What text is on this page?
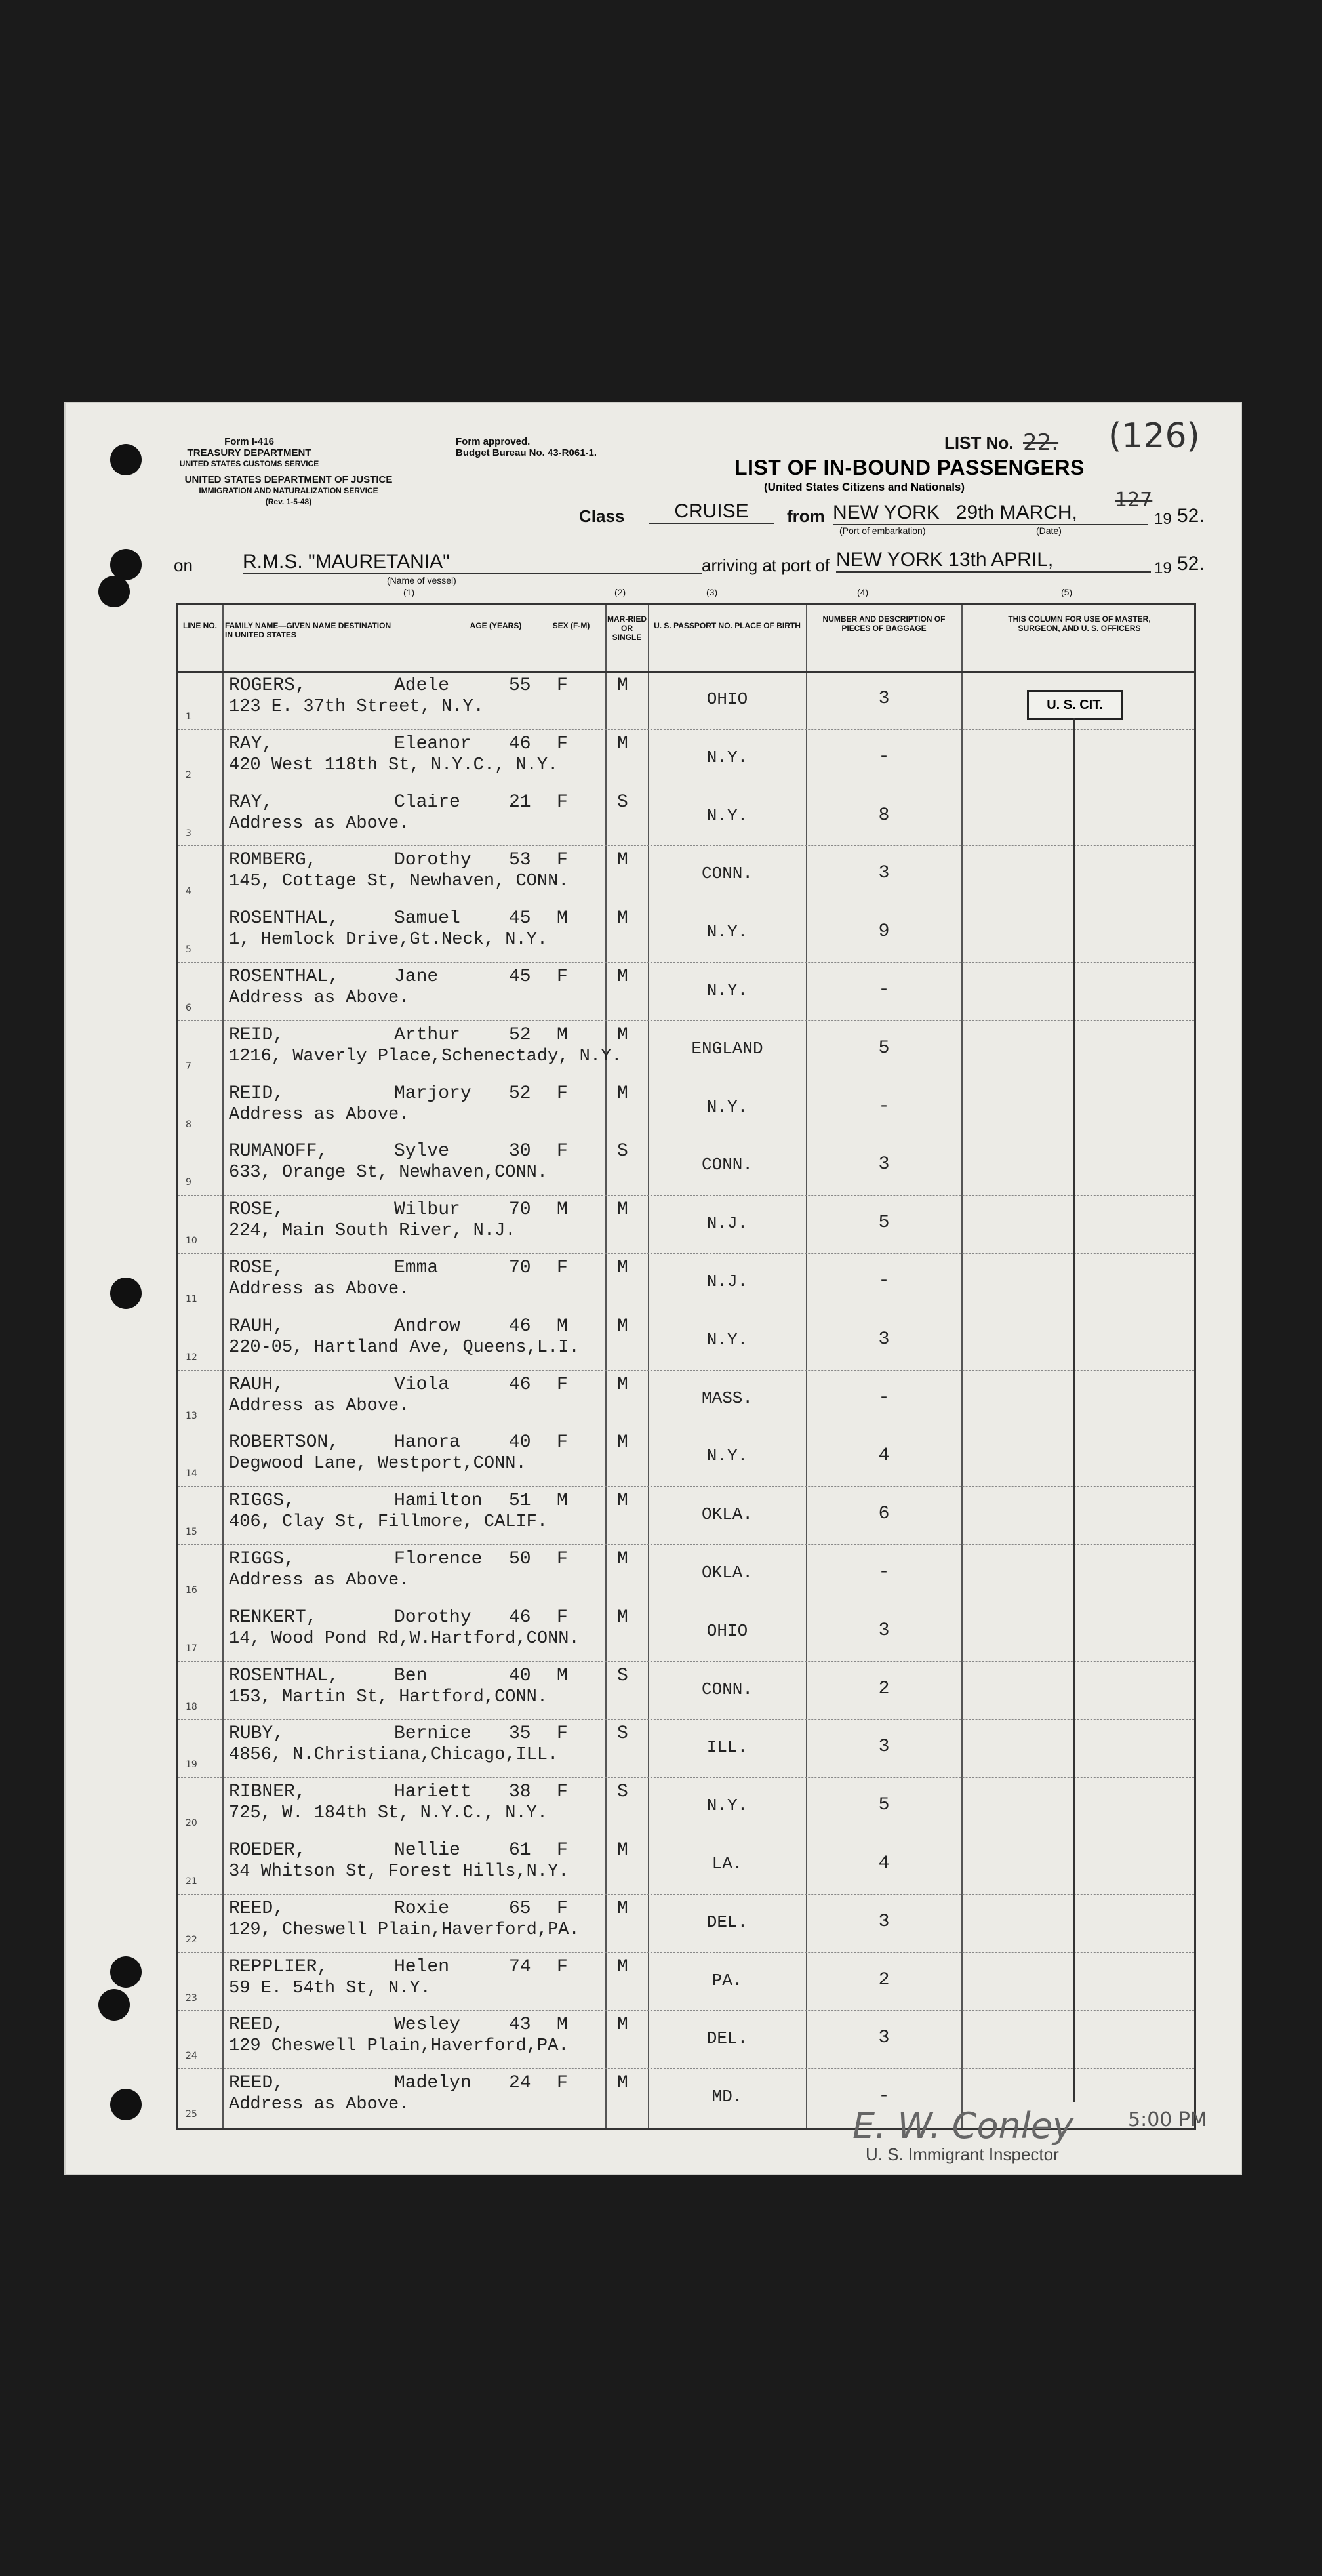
Form I-416
TREASURY DEPARTMENT
UNITED STATES CUSTOMS SERVICE
Form approved.
Budget Bureau No. 43-R061-1.
UNITED STATES DEPARTMENT OF JUSTICE
IMMIGRATION AND NATURALIZATION SERVICE
(Rev. 1-5-48)
LIST No. 22. (126)
LIST OF IN-BOUND PASSENGERS
(United States Citizens and Nationals)
Class	CRUISE	from NEW YORK   29th MARCH,
(Port of embarkation)	(Date)
127
19 52.
on	R.M.S. "MAURETANIA"
(Name of vessel)
arriving at port of NEW YORK 13th APRIL,	19 52.
(1)	(2)	(3)	(4)	(5)
LINE NO.	FAMILY NAME—GIVEN NAME DESTINATION IN UNITED STATES
AGE (YEARS)	SEX (F-M)
MAR-RIED OR SINGLE
U. S. PASSPORT NO. PLACE OF BIRTH
NUMBER AND DESCRIPTION OF PIECES OF BAGGAGE
THIS COLUMN FOR USE OF MASTER, SURGEON, AND U. S. OFFICERS
1
ROGERS,	Adele	55 F
123 E. 37th Street, N.Y.
M
OHIO	3
2
RAY,	Eleanor 46 F
420 West 118th St, N.Y.C., N.Y.
M
N.Y.	-
3
RAY,	Claire	21 F
Address as Above.
S
N.Y.	8
4
ROMBERG,	Dorothy 53 F
145, Cottage St, Newhaven, CONN.
M
CONN.	3
5
ROSENTHAL,	Samuel	45 M
1, Hemlock Drive,Gt.Neck, N.Y.
M
N.Y.	9
6
ROSENTHAL,	Jane	45 F
Address as Above.
M
N.Y.	-
7
REID,	Arthur	52 M
1216, Waverly Place,Schenectady, N.Y.
M
ENGLAND	5
8
REID,	Marjory 52 F
Address as Above.
M
N.Y.	-
9
RUMANOFF,	Sylve	30 F
633, Orange St, Newhaven,CONN.
S
CONN.	3
10
ROSE,	Wilbur	70 M
224, Main South River, N.J.
M
N.J.	5
11
ROSE,	Emma	70 F
Address as Above.
M
N.J.	-
12
RAUH,	Androw	46 M
220-05, Hartland Ave, Queens,L.I.
M
N.Y.	3
13
RAUH,	Viola	46 F
Address as Above.
M
MASS.	-
14
ROBERTSON,	Hanora	40 F
Degwood Lane, Westport,CONN.
M
N.Y.	4
15
RIGGS,	Hamilton 51 M
406, Clay St, Fillmore, CALIF.
M
OKLA.	6
16
RIGGS,	Florence 50 F
Address as Above.
M
OKLA.	-
17
RENKERT,	Dorothy 46 F
14, Wood Pond Rd,W.Hartford,CONN.
M
OHIO	3
18
ROSENTHAL,	Ben	40 M
153, Martin St, Hartford,CONN.
S
CONN.	2
19
RUBY,	Bernice 35 F
4856, N.Christiana,Chicago,ILL.
S
ILL.	3
20
RIBNER,	Hariett 38 F
725, W. 184th St, N.Y.C., N.Y.
S
N.Y.	5
21
ROEDER,	Nellie	61 F
34 Whitson St, Forest Hills,N.Y.
M
LA.	4
22
REED,	Roxie	65 F
129, Cheswell Plain,Haverford,PA.
M
DEL.	3
23
REPPLIER,	Helen	74 F
59 E. 54th St, N.Y.
M
PA.	2
24
REED,	Wesley	43 M
129 Cheswell Plain,Haverford,PA.
M
DEL.	3
25
REED,	Madelyn 24 F
Address as Above.
M
MD.	-
U. S. CIT.
E. W. Conley	5:00 PM
U. S. Immigrant Inspector
